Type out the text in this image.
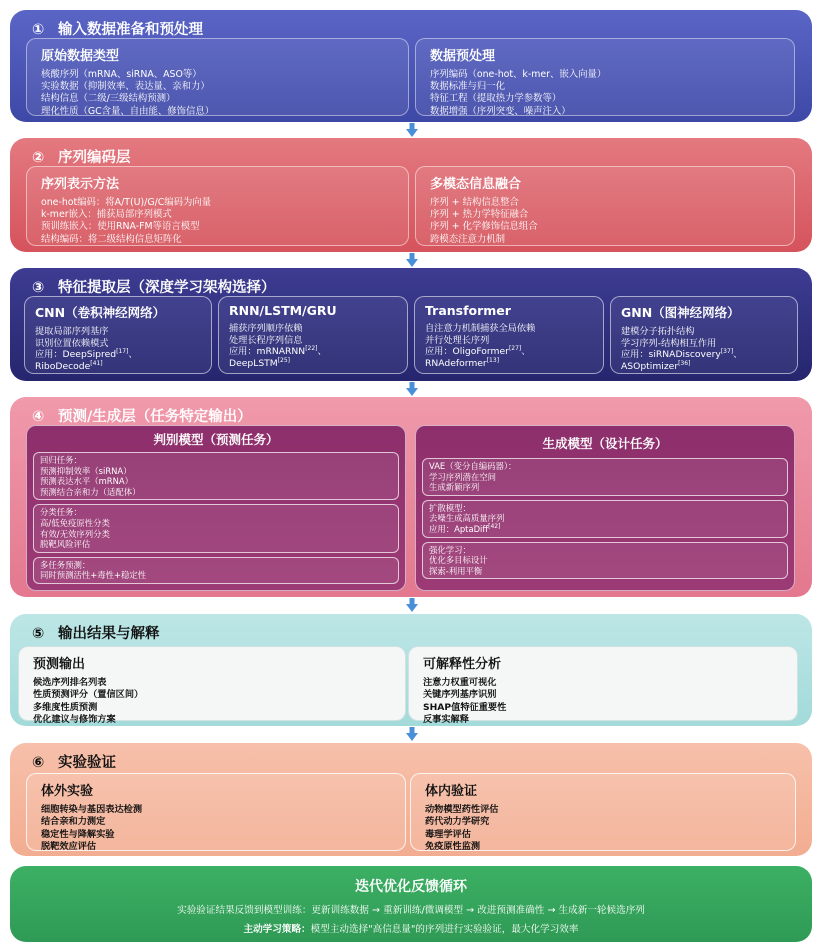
① 输入数据准备和预处理
原始数据类型
核酸序列（mRNA、siRNA、ASO等）
实验数据（抑制效率、表达量、亲和力）
结构信息（二级/三级结构预测）
理化性质（GC含量、自由能、修饰信息）
数据预处理
序列编码（one-hot、k-mer、嵌入向量）
数据标准与归一化
特征工程（提取热力学参数等）
数据增强（序列突变、噪声注入）
② 序列编码层
序列表示方法
one-hot编码：将A/T(U)/G/C编码为向量
k-mer嵌入：捕获局部序列模式
预训练嵌入：使用RNA-FM等语言模型
结构编码：将二级结构信息矩阵化
多模态信息融合
序列 + 结构信息整合
序列 + 热力学特征融合
序列 + 化学修饰信息组合
跨模态注意力机制
③ 特征提取层（深度学习架构选择）
CNN（卷积神经网络）
提取局部序列基序
识别位置依赖模式
应用：DeepSipred[17]、
RiboDecode[41]
RNN/LSTM/GRU
捕获序列顺序依赖
处理长程序列信息
应用：mRNARNN[22]、
DeepLSTM[25]
Transformer
自注意力机制捕获全局依赖
并行处理长序列
应用：OligoFormer[27]、
RNAdeformer[13]
GNN（图神经网络）
建模分子拓扑结构
学习序列-结构相互作用
应用：siRNADiscovery[37]、
ASOptimizer[36]
④ 预测/生成层（任务特定输出）
判别模型（预测任务）
回归任务：
预测抑制效率（siRNA）
预测表达水平（mRNA）
预测结合亲和力（适配体）
分类任务：
高/低免疫原性分类
有效/无效序列分类
脱靶风险评估
多任务预测：
同时预测活性+毒性+稳定性
生成模型（设计任务）
VAE（变分自编码器）：
学习序列潜在空间
生成新颖序列
扩散模型：
去噪生成高质量序列
应用：AptaDiff[42]
强化学习：
优化多目标设计
探索-利用平衡
⑤ 输出结果与解释
预测输出
候选序列排名列表
性质预测评分（置信区间）
多维度性质预测
优化建议与修饰方案
可解释性分析
注意力权重可视化
关键序列基序识别
SHAP值特征重要性
反事实解释
⑥ 实验验证
体外实验
细胞转染与基因表达检测
结合亲和力测定
稳定性与降解实验
脱靶效应评估
体内验证
动物模型药性评估
药代动力学研究
毒理学评估
免疫原性监测
迭代优化反馈循环
实验验证结果反馈到模型训练：更新训练数据 → 重新训练/微调模型 → 改进预测准确性 → 生成新一轮候选序列
主动学习策略：模型主动选择"高信息量"的序列进行实验验证，最大化学习效率
